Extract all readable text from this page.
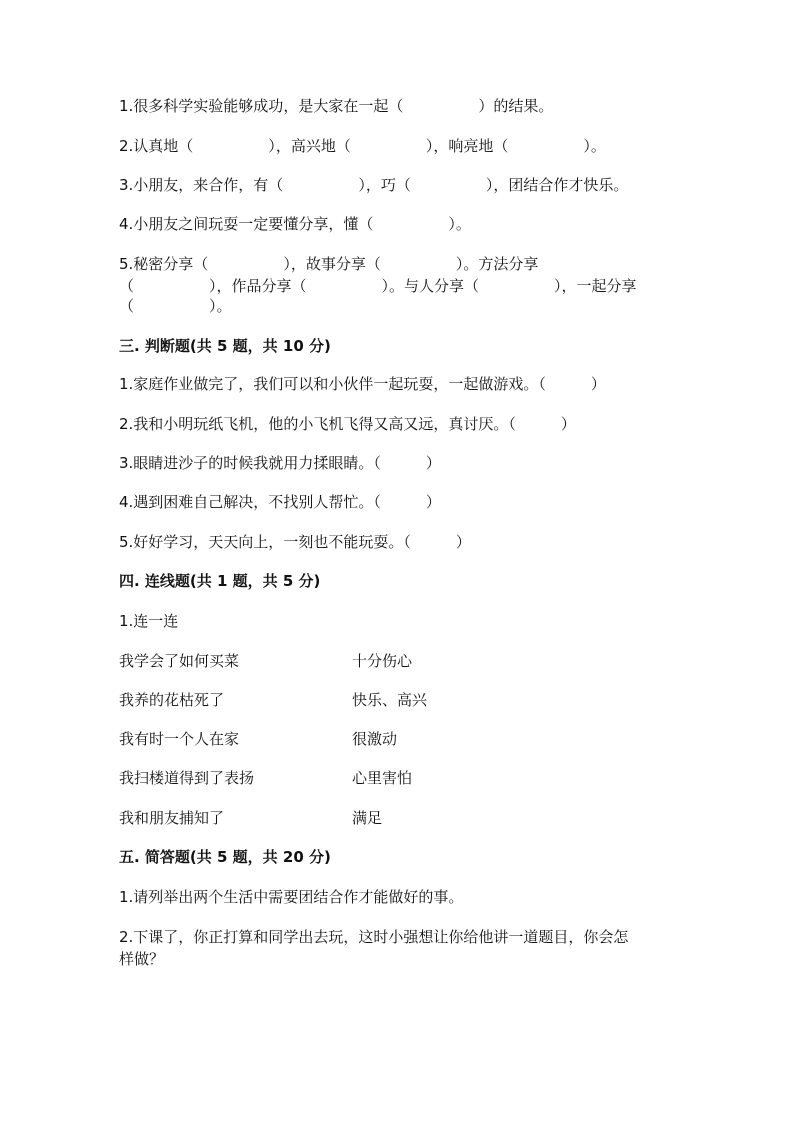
1.很多科学实验能够成功，是大家在一起（　　　　　）的结果。

2.认真地（　　　　　），高兴地（　　　　　），响亮地（　　　　　）。

3.小朋友，来合作，有（　　　　　），巧（　　　　　），团结合作才快乐。

4.小朋友之间玩耍一定要懂分享，懂（　　　　　）。

5.秘密分享（　　　　　），故事分享（　　　　　）。方法分享

（　　　　　），作品分享（　　　　　）。与人分享（　　　　　），一起分享

（　　　　　）。

三. 判断题(共 5 题，共 10 分)

1.家庭作业做完了，我们可以和小伙伴一起玩耍，一起做游戏。（　　　）

2.我和小明玩纸飞机，他的小飞机飞得又高又远，真讨厌。（　　　）

3.眼睛进沙子的时候我就用力揉眼睛。（　　　）

4.遇到困难自己解决，不找别人帮忙。（　　　）

5.好好学习，天天向上，一刻也不能玩耍。（　　　）

四. 连线题(共 1 题，共 5 分)

1.连一连

我学会了如何买菜	十分伤心
我养的花枯死了	快乐、高兴
我有时一个人在家	很激动
我扫楼道得到了表扬	心里害怕
我和朋友捕知了	满足

五. 简答题(共 5 题，共 20 分)

1.请列举出两个生活中需要团结合作才能做好的事。

2.下课了，你正打算和同学出去玩，这时小强想让你给他讲一道题目，你会怎

样做？
